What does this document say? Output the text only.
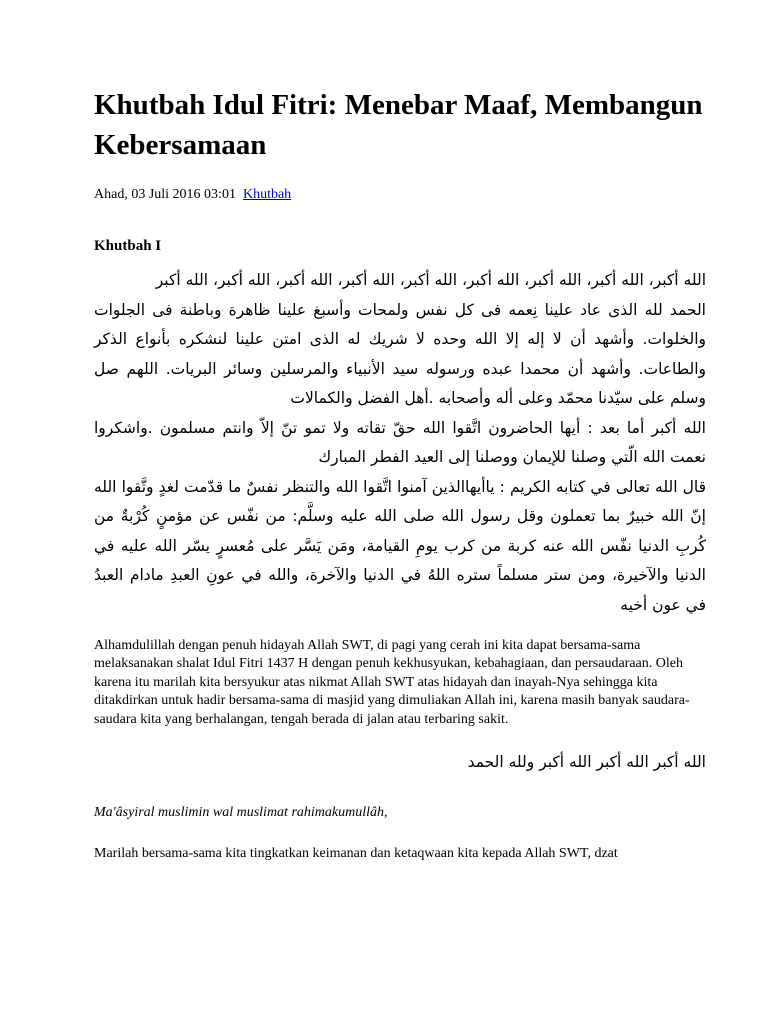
Khutbah Idul Fitri: Menebar Maaf, Membangun Kebersamaan

Ahad, 03 Juli 2016 03:01 Khutbah

Khutbah I

الله أكبر، الله أكبر، الله أكبر، الله أكبر، الله أكبر، الله أكبر، الله أكبر، الله أكبر، الله أكبر

الحمد لله الذى عاد علينا نِعمه فى كل نفس ولمحات وأسبغ علينا ظاهرة وباطنة فى الجلوات والخلوات. وأشهد أن لا إله إلا الله وحده لا شريك له الذى امتن علينا لنشكره بأنواع الذكر والطاعات. وأشهد أن محمدا عبده ورسوله سيد الأنبياء والمرسلين وسائر البريات. اللهم صل وسلم على سيّدنا محمّد وعلى أله وأصحابه .أهل الفضل والكمالات

الله أكبر أما بعد : أيها الحاضرون اتَّقوا الله حقّ تقاته ولا تمو تنّ إلاّ وانتم مسلمون .واشكروا نعمت الله الّتي وصلنا للإيمان ووصلنا إلى العيد الفطر المبارك

قال الله تعالى في كتابه الكريم : ياأيهاالذين آمنوا اتَّقوا الله والتنظر نفسٌ ما قدّمت لغدٍ وتَّقوا الله إنّ الله خبيرٌ بما تعملون وقل رسول الله صلى الله عليه وسلَّم: من نفّس عن مؤمنٍ كُرْبةٌ من كُربِ الدنيا نفّس الله عنه كربة من كرب يومِ القيامة، ومَن يَسَّر على مُعسرٍ يسّر الله عليه في الدنيا والآخيرة، ومن ستر مسلماً ستره اللهُ في الدنيا والآخرة، والله في عونِ العبدِ مادام العبدُ في عون أخيه

Alhamdulillah dengan penuh hidayah Allah SWT, di pagi yang cerah ini kita dapat bersama-sama melaksanakan shalat Idul Fitri 1437 H dengan penuh kekhusyukan, kebahagiaan, dan persaudaraan. Oleh karena itu marilah kita bersyukur atas nikmat Allah SWT atas hidayah dan inayah-Nya sehingga kita ditakdirkan untuk hadir bersama-sama di masjid yang dimuliakan Allah ini, karena masih banyak saudara-saudara kita yang berhalangan, tengah berada di jalan atau terbaring sakit.

الله أكبر الله أكبر الله أكبر ولله الحمد

Ma'âsyiral muslimin wal muslimat rahimakumullâh,

Marilah bersama-sama kita tingkatkan keimanan dan ketaqwaan kita kepada Allah SWT, dzat
